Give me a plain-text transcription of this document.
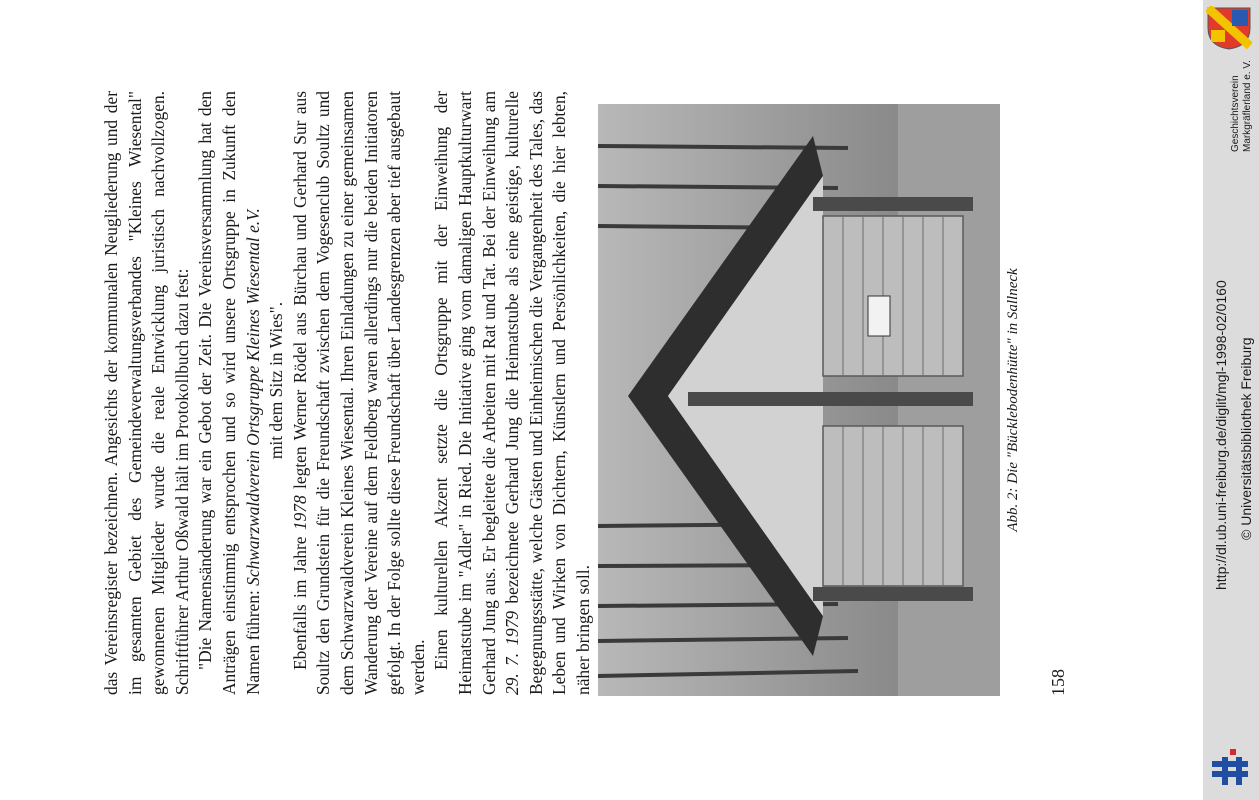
das Vereinsregister bezeichnen. Angesichts der kommunalen Neugliederung und der im gesamten Gebiet des Gemeindeverwaltungsverbandes "Kleines Wiesental" gewonnenen Mitglieder wurde die reale Entwicklung juristisch nachvollzogen. Schriftführer Arthur Oßwald hält im Protokollbuch dazu fest: "Die Namensänderung war ein Gebot der Zeit. Die Vereinsversammlung hat den Anträgen einstimmig entsprochen und so wird unsere Ortsgruppe in Zukunft den Namen führen: Schwarzwaldverein Ortsgruppe Kleines Wiesental e.V. mit dem Sitz in Wies".

Ebenfalls im Jahre 1978 legten Werner Rödel aus Bürchau und Gerhard Sur aus Soultz den Grundstein für die Freundschaft zwischen dem Vogesenclub Soultz und dem Schwarzwaldverein Kleines Wiesental. Ihren Einladungen zu einer gemeinsamen Wanderung der Vereine auf dem Feldberg waren allerdings nur die beiden Initiatoren gefolgt. In der Folge sollte diese Freundschaft über Landesgrenzen aber tief ausgebaut werden. Einen kulturellen Akzent setzte die Ortsgruppe mit der Einweihung der Heimatstube im "Adler" in Ried. Die Initiative ging vom damaligen Hauptkulturwart Gerhard Jung aus. Er begleitete die Arbeiten mit Rat und Tat. Bei der Einweihung am 29. 7. 1979 bezeichnete Gerhard Jung die Heimatstube als eine geistige, kulturelle Begegnungsstätte, welche Gästen und Einheimischen die Vergangenheit des Tales, das Leben und Wirken von Dichtern, Künstlern und Persönlichkeiten, die hier lebten, näher bringen soll.

Abb. 2: Die "Bücklebodenhütte" in Sallneck
158
Geschichtsverein Markgräflerland e. V.
http://dl.ub.uni-freiburg.de/diglit/mgl-1998-02/0160 © Universitätsbibliothek Freiburg
